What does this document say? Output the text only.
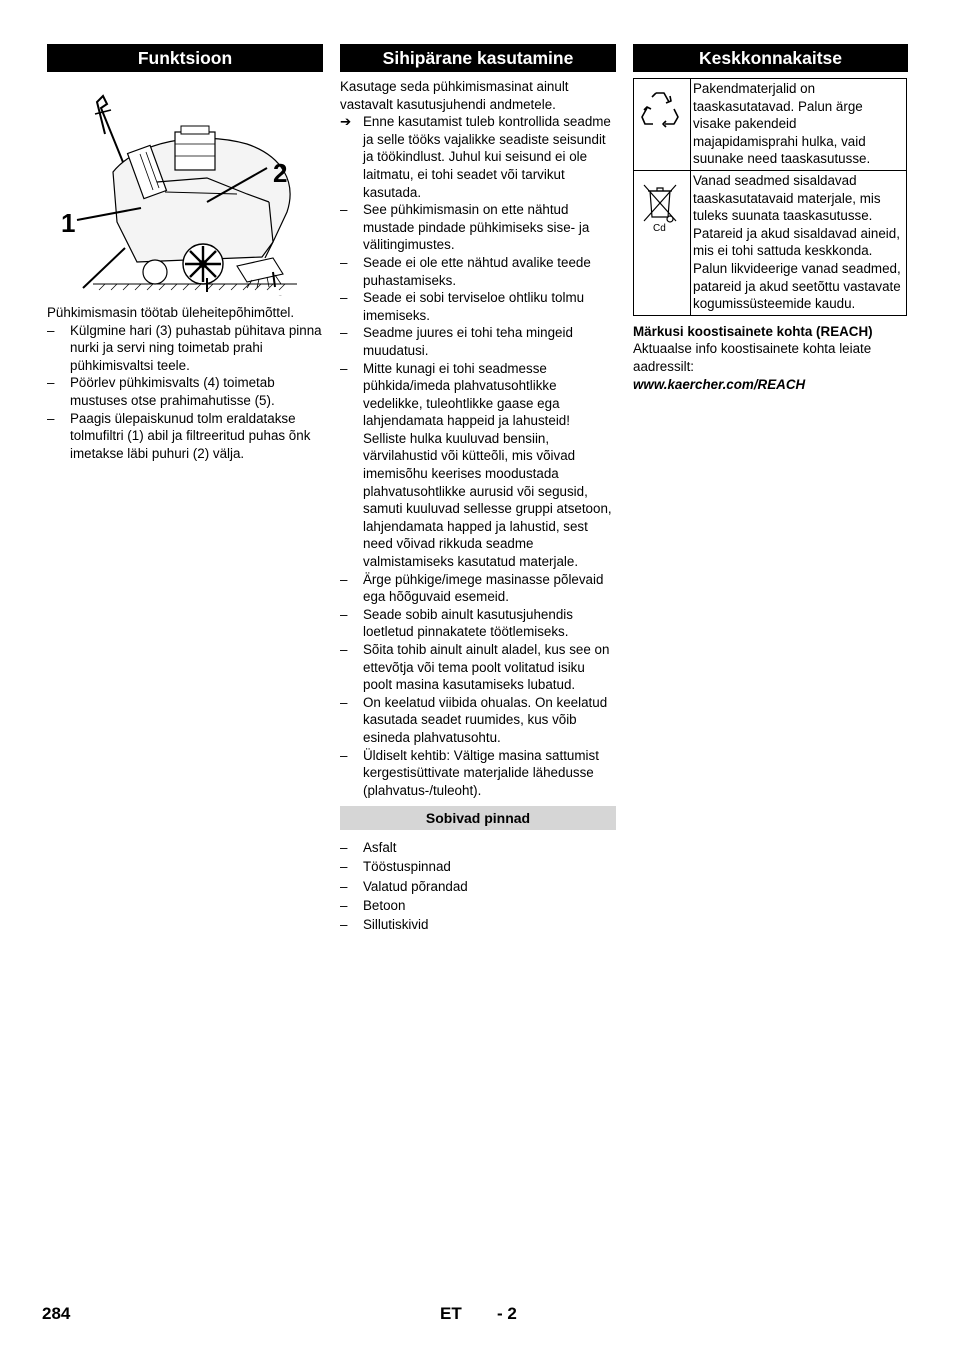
Funktsioon
1
2

Pühkimismasin töötab üleheitepõhimõttel.

– Külgmine hari (3) puhastab pühitava pinna nurki ja servi ning toimetab prahi pühkimisvaltsi teele.
– Pöörlev pühkimisvalts (4) toimetab mustuses otse prahimahutisse (5).
– Paagis ülepaiskunud tolm eraldatakse tolmufiltri (1) abil ja filtreeritud puhas õnk imetakse läbi puhuri (2) välja.
Sihipärane kasutamine

Kasutage seda pühkimismasinat ainult vastavalt kasutusjuhendi andmetele.

➔ Enne kasutamist tuleb kontrollida seadme ja selle tööks vajalikke seadiste seisundit ja töökindlust. Juhul kui seisund ei ole laitmatu, ei tohi seadet või tarvikut kasutada.
– See pühkimismasin on ette nähtud mustade pindade pühkimiseks sise- ja välitingimustes.
– Seade ei ole ette nähtud avalike teede puhastamiseks.
– Seade ei sobi terviseloe ohtliku tolmu imemiseks.
– Seadme juures ei tohi teha mingeid muudatusi.
– Mitte kunagi ei tohi seadmesse pühkida/imeda plahvatusohtlikke vedelikke, tuleohtlikke gaase ega lahjendamata happeid ja lahusteid! Selliste hulka kuuluvad bensiin, värvilahustid või kütteõli, mis võivad imemisõhu keerises moodustada plahvatusohtlikke aurusid või segusid, samuti kuuluvad sellesse gruppi atsetoon, lahjendamata happed ja lahustid, sest need võivad rikkuda seadme valmistamiseks kasutatud materjale.
– Ärge pühkige/imege masinasse põlevaid ega hõõguvaid esemeid.
– Seade sobib ainult kasutusjuhendis loetletud pinnakatete töötlemiseks.
– Sõita tohib ainult ainult aladel, kus see on ettevõtja või tema poolt volitatud isiku poolt masina kasutamiseks lubatud.
– On keelatud viibida ohualas. On keelatud kasutada seadet ruumides, kus võib esineda plahvatusohtu.
– Üldiselt kehtib: Vältige masina sattumist kergestisüttivate materjalide lähedusse (plahvatus-/tuleoht).
Sobivad pinnad
– Asfalt
– Tööstuspinnad
– Valatud põrandad
– Betoon
– Sillutiskivid
Keskkonnakaitse
	Pakendmaterjalid on taaskasutatavad. Palun ärge visake pakendeid majapidamisprahi hulka, vaid suunake need taaskasutusse.

Cd	Vanad seadmed sisaldavad taaskasutatavaid materjale, mis tuleks suunata taaskasutusse. Patareid ja akud sisaldavad aineid, mis ei tohi sattuda keskkonda. Palun likvideerige vanad seadmed, patareid ja akud seetõttu vastavate kogumissüsteemide kaudu.

Märkusi koostisainete kohta (REACH)

Aktuaalse info koostisainete kohta leiate aadressilt:

www.kaercher.com/REACH

284	ET - 2
